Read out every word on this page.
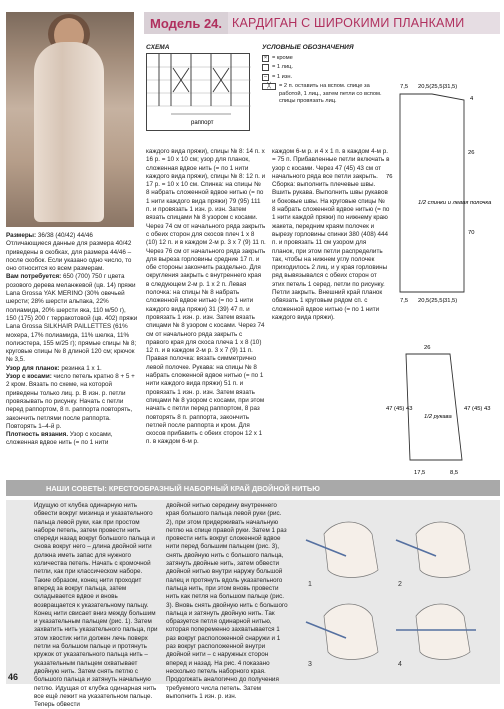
Модель 24. КАРДИГАН С ШИРОКИМИ ПЛАНКАМИ
СХЕМА
раппорт
УСЛОВНЫЕ ОБОЗНАЧЕНИЯ
× = кроме
= 1 лиц.
– = 1 изн.
╳	= 2 п. оставить на вспом. спице за работой, 1 лиц., затем петли со вспом. спицы провязать лиц.

Размеры: 36/38 (40/42) 44/46 Отличающиеся данные для размера 40/42 приведены в скобках, для размера 44/46 – после скобок. Если указано одно число, то оно относится ко всем размерам.

Вам потребуется: 650 (700) 750 г цвета розового дерева меланжевой (цв. 14) пряжи Lana Grossa YAK MERINO (30% овечьей шерсти; 28% шерсти альпака, 22% полиамида, 20% шерсти яка, 110 м/50 г), 150 (175) 200 г терракотовой (цв. 402) пряжи Lana Grossa SILKHAIR PAILLETTES (61% мохера, 17% полиамида, 11% шелка, 11% полиэстера, 155 м/25 г); прямые спицы № 8; круговые спицы № 8 длиной 120 см; крючок № 3,5.

Узор для планок: резинка 1 х 1.

Узор с косами: число петель кратно 8 + 5 + 2 кром. Вязать по схеме, на которой приведены только лиц. р. В изн. р. петли провязывать по рисунку. Начать с петли перед раппортом, 8 п. раппорта повторять, закончить петлями после раппорта. Повторять 1–4-й р.

Плотность вязания. Узор с косами, сложенная вдвое нить (= по 1 нити

каждого вида пряжи), спицы № 8: 14 п. x 16 р. = 10 x 10 см; узор для планок, сложенная вдвое нить (= по 1 нити каждого вида пряжи), спицы № 8: 12 п. и 17 р. = 10 x 10 см. Спинка: на спицы № 8 набрать сложенной вдвое нитью (= по 1 нити каждого вида пряжи) 79 (95) 111 п. и провязать 1 изн. р. изн. Затем вязать спицами № 8 узором с косами. Через 74 см от начального ряда закрыть с обеих сторон для скосов плеч 1 х 8 (10) 12 п. и в каждом 2-м р. 3 х 7 (9) 11 п. Через 76 см от начального ряда закрыть для выреза горловины средние 17 п. и обе стороны закончить раздельно. Для округления закрыть с внутреннего края в следующем 2-м р. 1 х 2 п. Левая полочка: на спицы № 8 набрать сложенной вдвое нитью (= по 1 нити каждого вида пряжи) 31 (39) 47 п. и провязать 1 изн. р. изн. Затем вязать спицами № 8 узором с косами. Через 74 см от начального ряда закрыть с правого края для скоса плеча 1 х 8 (10) 12 п. и в каждом 2-м р. 3 х 7 (9) 11 п. Правая полочка: вязать симметрично левой полочке. Рукава: на спицы № 8 набрать сложенной вдвое нитью (= по 1 нити каждого вида пряжи) 51 п. и провязать 1 изн. р. изн. Затем вязать спицами № 8 узором с косами, при этом начать с петли перед раппортом, 8 раз повторять 8 п. раппорта, закончить петлей после раппорта и кром. Для скосов прибавить с обеих сторон 12 x 1 п. в каждом 6-м р.
каждом 6-м р. и 4 x 1 п. в каждом 4-м р. = 75 п. Прибавленные петли включать в узор с косами. Через 47 (45) 43 см от начального ряда все петли закрыть. Сборка: выполнить плечевые швы. Вшить рукава. Выполнить швы рукавов и боковые швы. На круговые спицы № 8 набрать сложенной вдвое нитью (= по 1 нити каждой пряжи) по нижнему краю жакета, передним краям полочек и вырезу горловины спинки 380 (408) 444 п. и провязать 11 см узором для планок, при этом петли распределить так, чтобы на нижнем углу полочек приходилось 2 лиц. и у края горловины ряд вывязывался с обеих сторон от этих петель 1 серед. петли по рисунку. Петли закрыть. Внешний край планок обвязать 1 круговым рядом сп. с сложенной вдвое нитью (= по 1 нити каждого вида пряжи).
7,5 20,5(25,5|31,5)
4
26
70
76
1/2 спинки и левая полочка
7,5 20,5(25,5|31,5)
26
47 (45) 43	47 (45) 43
1/2 рукава
17,5	8,5
НАШИ СОВЕТЫ: КРЕСТООБРАЗНЫЙ НАБОРНЫЙ КРАЙ ДВОЙНОЙ НИТЬЮ
1	2
3	4
Идущую от клубка одинарную нить обвести вокруг мизинца и указательного пальца левой руки, как при простом наборе петель, затем провести нить спереди назад вокруг большого пальца и снова вокруг него – длина двойной нити должна иметь запас для нужного количества петель. Начать с кромочной петли, как при классическом наборе. Такие образом, конец нити проходит вперед за вокруг пальца, затем складывается вдвое и вновь возвращается к указательному пальцу. Конец нити свисает вниз между большим и указательным пальцем (рис. 1). Затем захватить нить указательного пальца, при этом хвостик нити должен лечь поверх петли на большом пальце и протянуть кружок от указательного пальца нить – указательным пальцем охватывает двойную нить. Затем снять петлю с большого пальца и затянуть начальную петлю. Идущая от клубка одинарная нить все ещё лежит на указательном пальце. Теперь обвести
двойной нитью середину внутреннего края большого пальца левой руки (рис. 2), при этом придерживать начальную петлю на спице правой руки. Затем 1 раз провести нить вокруг сложенной вдвое нити перед большим пальцем (рис. 3), снять двойную нить с большого пальца, затянуть двойные нить, затем обвести двойной нитью внутри наружу большой палец и протянуть вдоль указательного пальца нить, при этом вновь провести нить как петля на большом пальце (рис. 3). Вновь снять двойную нить с большого пальца и затянуть двойную нить. Так образуется петля одинарной нитью, которая попеременно захватывается 1 раз вокруг расположенной снаружи и 1 раз вокруг расположенной внутри двойной нити – с наружных сторон вперед и назад. На рис. 4 показано несколько петель наборного края. Продолжать аналогично до получения требуемого числа петель. Затем выполнить 1 изн. р. изн.
46
